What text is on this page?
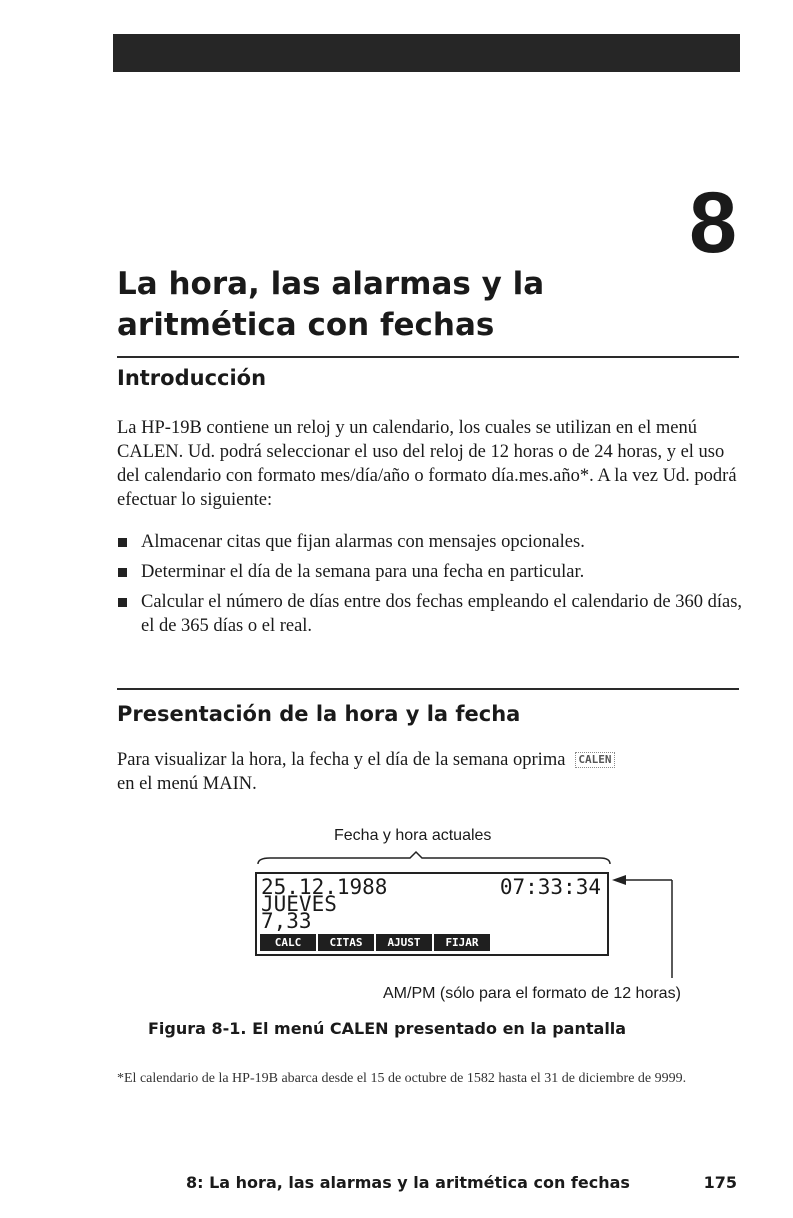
8
La hora, las alarmas y la aritmética con fechas
Introducción

La HP-19B contiene un reloj y un calendario, los cuales se utilizan en el menú CALEN. Ud. podrá seleccionar el uso del reloj de 12 horas o de 24 horas, y el uso del calendario con formato mes/día/año o formato día.mes.año*. A la vez Ud. podrá efectuar lo siguiente:

Almacenar citas que fijan alarmas con mensajes opcionales.
Determinar el día de la semana para una fecha en particular.
Calcular el número de días entre dos fechas empleando el calendario de 360 días, el de 365 días o el real.
Presentación de la hora y la fecha

Para visualizar la hora, la fecha y el día de la semana oprima CALEN
en el menú MAIN.

Fecha y hora actuales
25.12.1988	07:33:34
JUEVES
7,33
CALC	CITAS	AJUST	FIJAR
AM/PM (sólo para el formato de 12 horas)

Figura 8-1. El menú CALEN presentado en la pantalla

*El calendario de la HP-19B abarca desde el 15 de octubre de 1582 hasta el 31 de diciembre de 9999.

8: La hora, las alarmas y la aritmética con fechas	175
